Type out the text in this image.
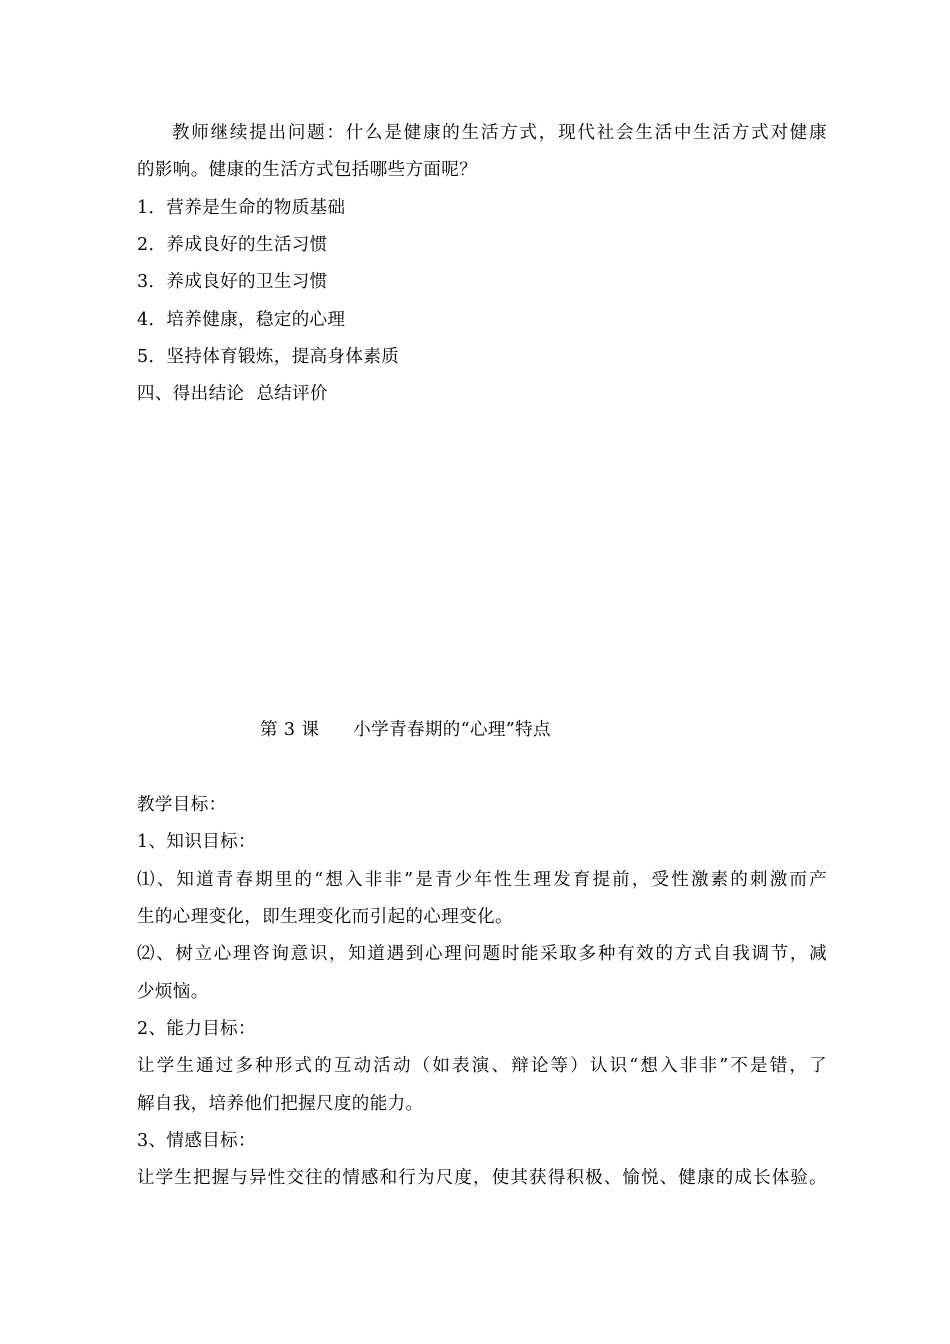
教师继续提出问题：什么是健康的生活方式，现代社会生活中生活方式对健康
的影响。健康的生活方式包括哪些方面呢？
1．营养是生命的物质基础
2．养成良好的生活习惯
3．养成良好的卫生习惯
4．培养健康，稳定的心理
5．坚持体育锻炼，提高身体素质
四、得出结论  总结评价
第 3 课 小学青春期的“心理”特点
教学目标：
1、知识目标：
⑴、知道青春期里的“想入非非”是青少年性生理发育提前，受性激素的刺激而产
生的心理变化，即生理变化而引起的心理变化。
⑵、树立心理咨询意识，知道遇到心理问题时能采取多种有效的方式自我调节，减
少烦恼。
2、能力目标：
让学生通过多种形式的互动活动（如表演、辩论等）认识“想入非非”不是错，了
解自我，培养他们把握尺度的能力。
3、情感目标：
让学生把握与异性交往的情感和行为尺度，使其获得积极、愉悦、健康的成长体验。
